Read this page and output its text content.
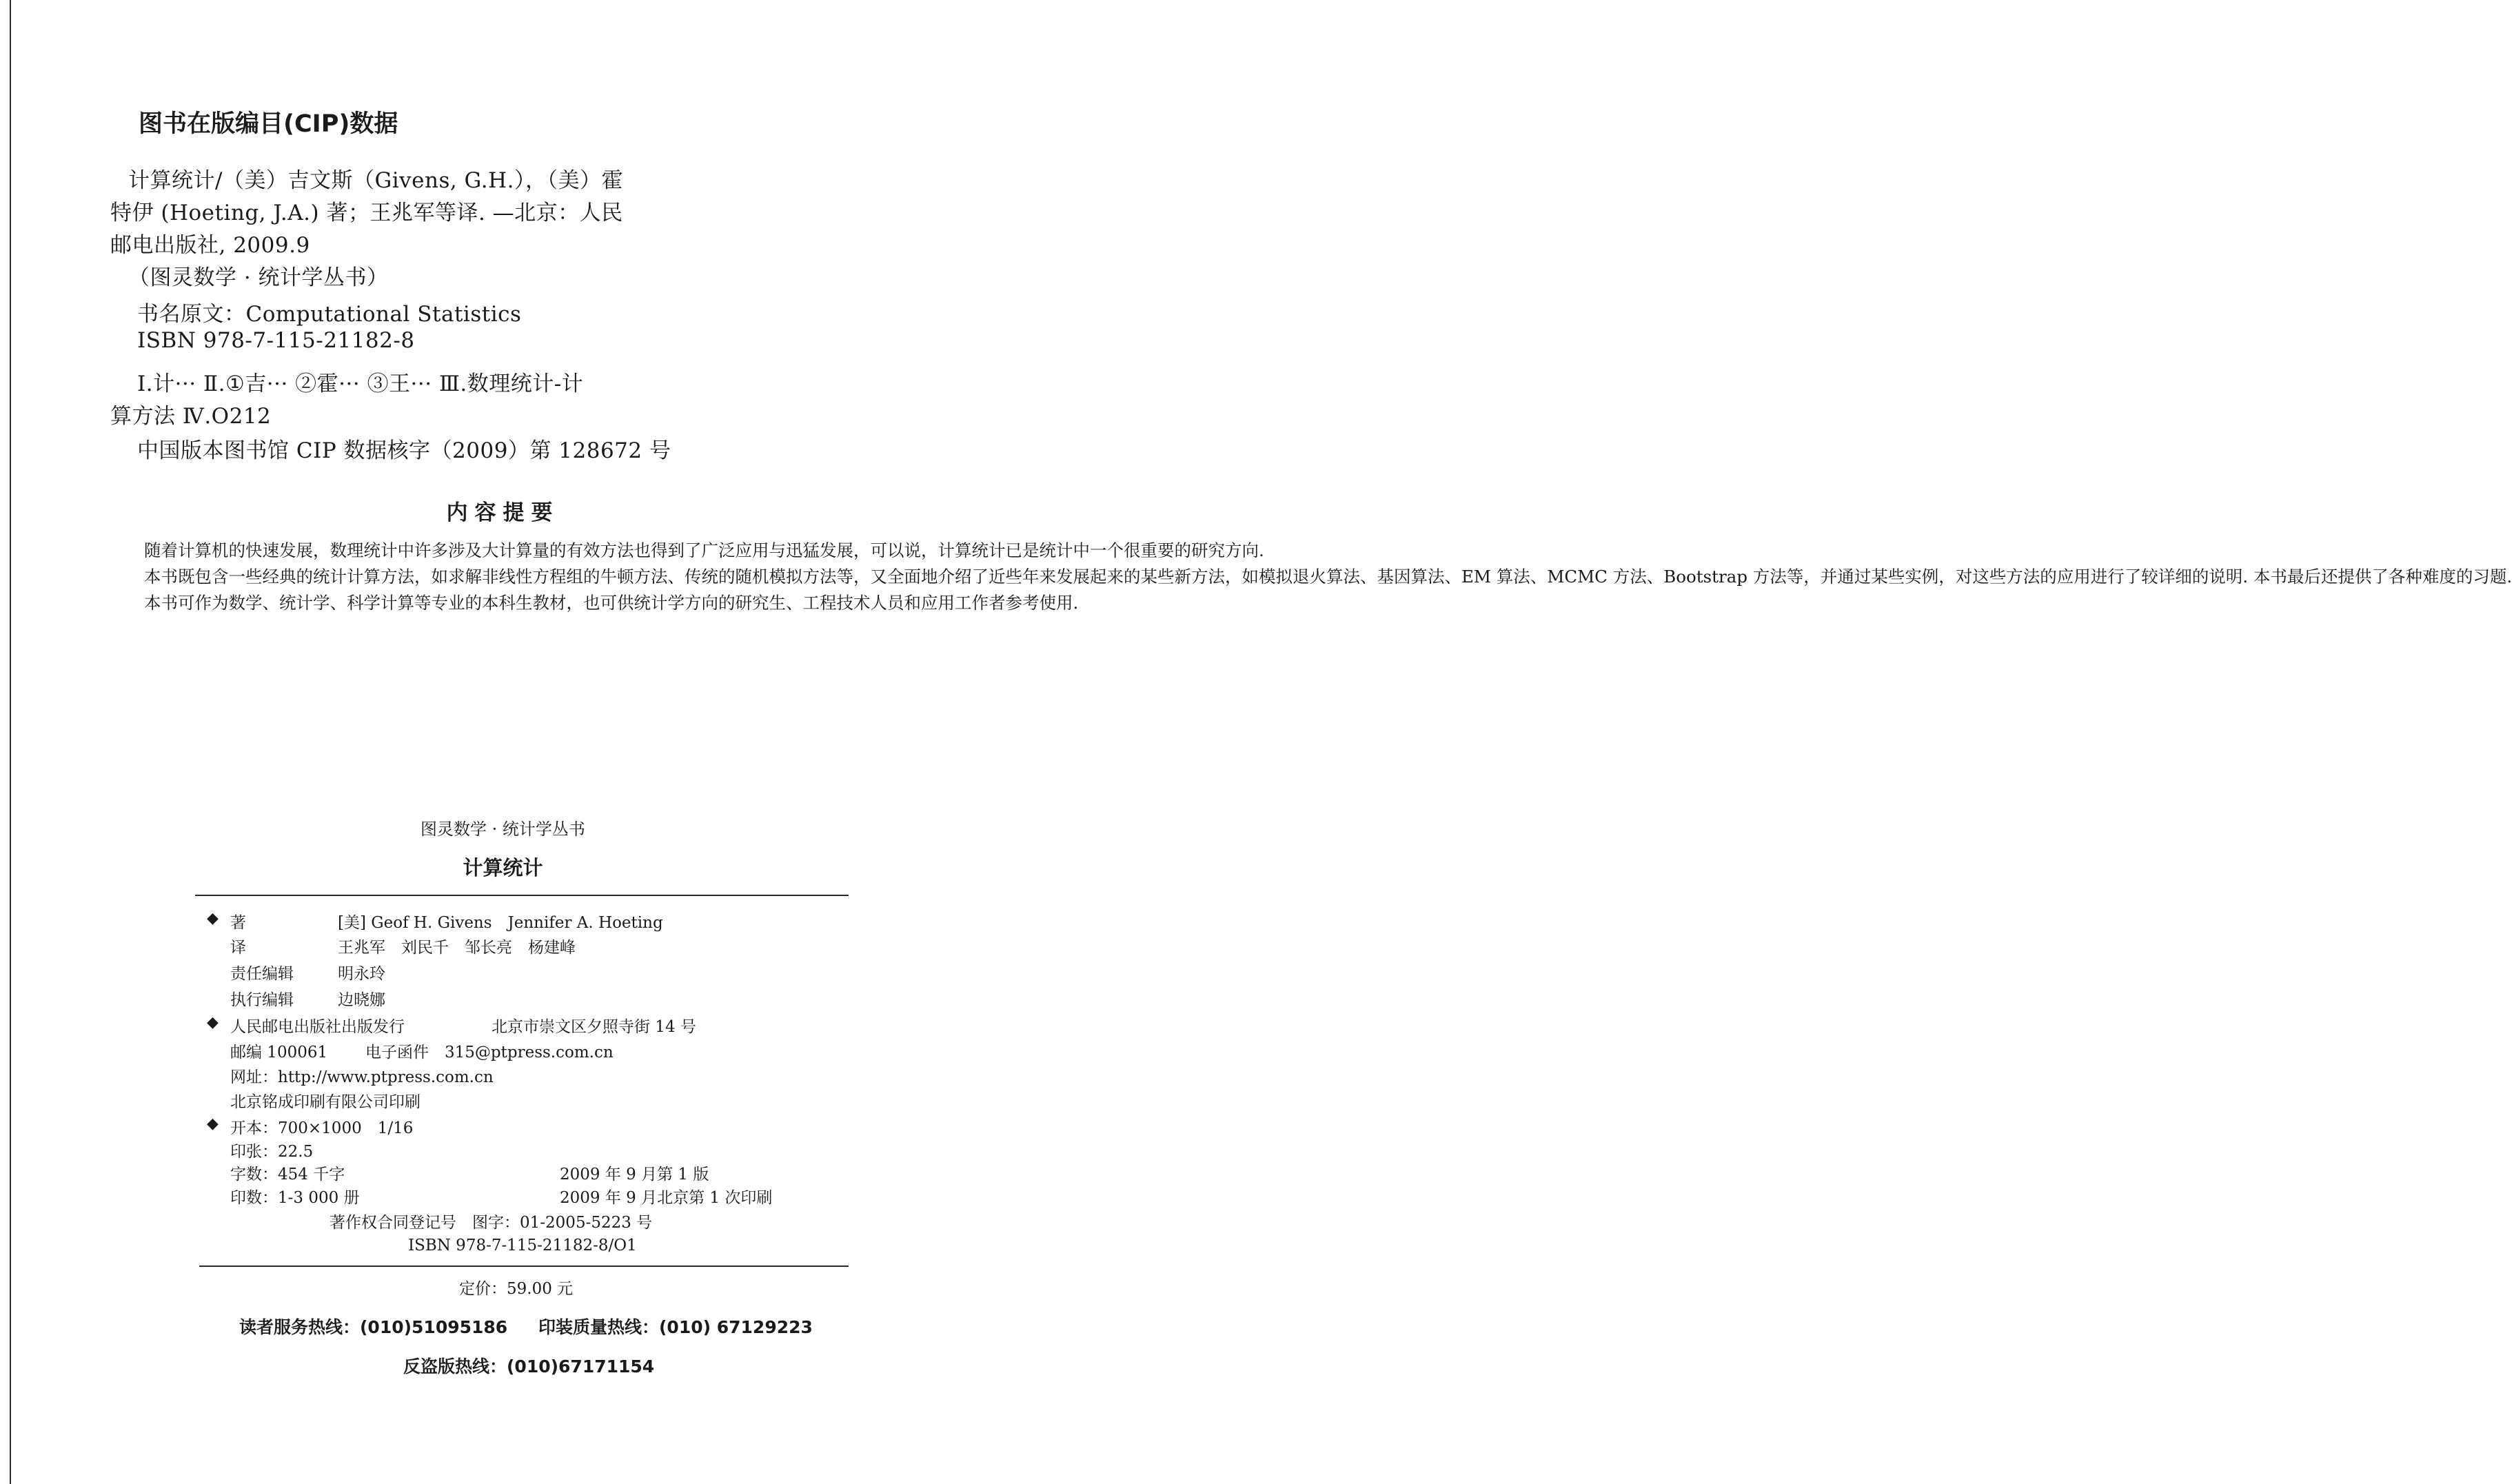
图书在版编目(CIP)数据
计算统计/（美）吉文斯（Givens, G.H.），（美）霍
特伊 (Hoeting, J.A.) 著；王兆军等译. —北京：人民
邮电出版社, 2009.9
（图灵数学 · 统计学丛书）
书名原文：Computational Statistics
ISBN 978-7-115-21182-8
Ⅰ.计··· Ⅱ.①吉··· ②霍··· ③王··· Ⅲ.数理统计-计
算方法 Ⅳ.O212
中国版本图书馆 CIP 数据核字（2009）第 128672 号
内容提要

随着计算机的快速发展，数理统计中许多涉及大计算量的有效方法也得到了广泛应用与迅猛发展，可以说，计算统计已是统计中一个很重要的研究方向.

本书既包含一些经典的统计计算方法，如求解非线性方程组的牛顿方法、传统的随机模拟方法等，又全面地介绍了近些年来发展起来的某些新方法，如模拟退火算法、基因算法、EM 算法、MCMC 方法、Bootstrap 方法等，并通过某些实例，对这些方法的应用进行了较详细的说明. 本书最后还提供了各种难度的习题.

本书可作为数学、统计学、科学计算等专业的本科生教材，也可供统计学方向的研究生、工程技术人员和应用工作者参考使用.

图灵数学 · 统计学丛书
计算统计
◆ 著	[美] Geof H. Givens　Jennifer A. Hoeting
译	王兆军　刘民千　邹长亮　杨建峰
责任编辑	明永玲
执行编辑	边晓娜
◆ 人民邮电出版社出版发行	北京市崇文区夕照寺街 14 号
邮编 100061 电子函件　315@ptpress.com.cn
网址：http://www.ptpress.com.cn
北京铭成印刷有限公司印刷
◆ 开本：700×1000　1/16
印张：22.5
字数：454 千字	2009 年 9 月第 1 版
印数：1-3 000 册	2009 年 9 月北京第 1 次印刷
著作权合同登记号　图字：01-2005-5223 号
ISBN 978-7-115-21182-8/O1
定价：59.00 元
读者服务热线：(010)51095186 印装质量热线：(010) 67129223
反盗版热线：(010)67171154
